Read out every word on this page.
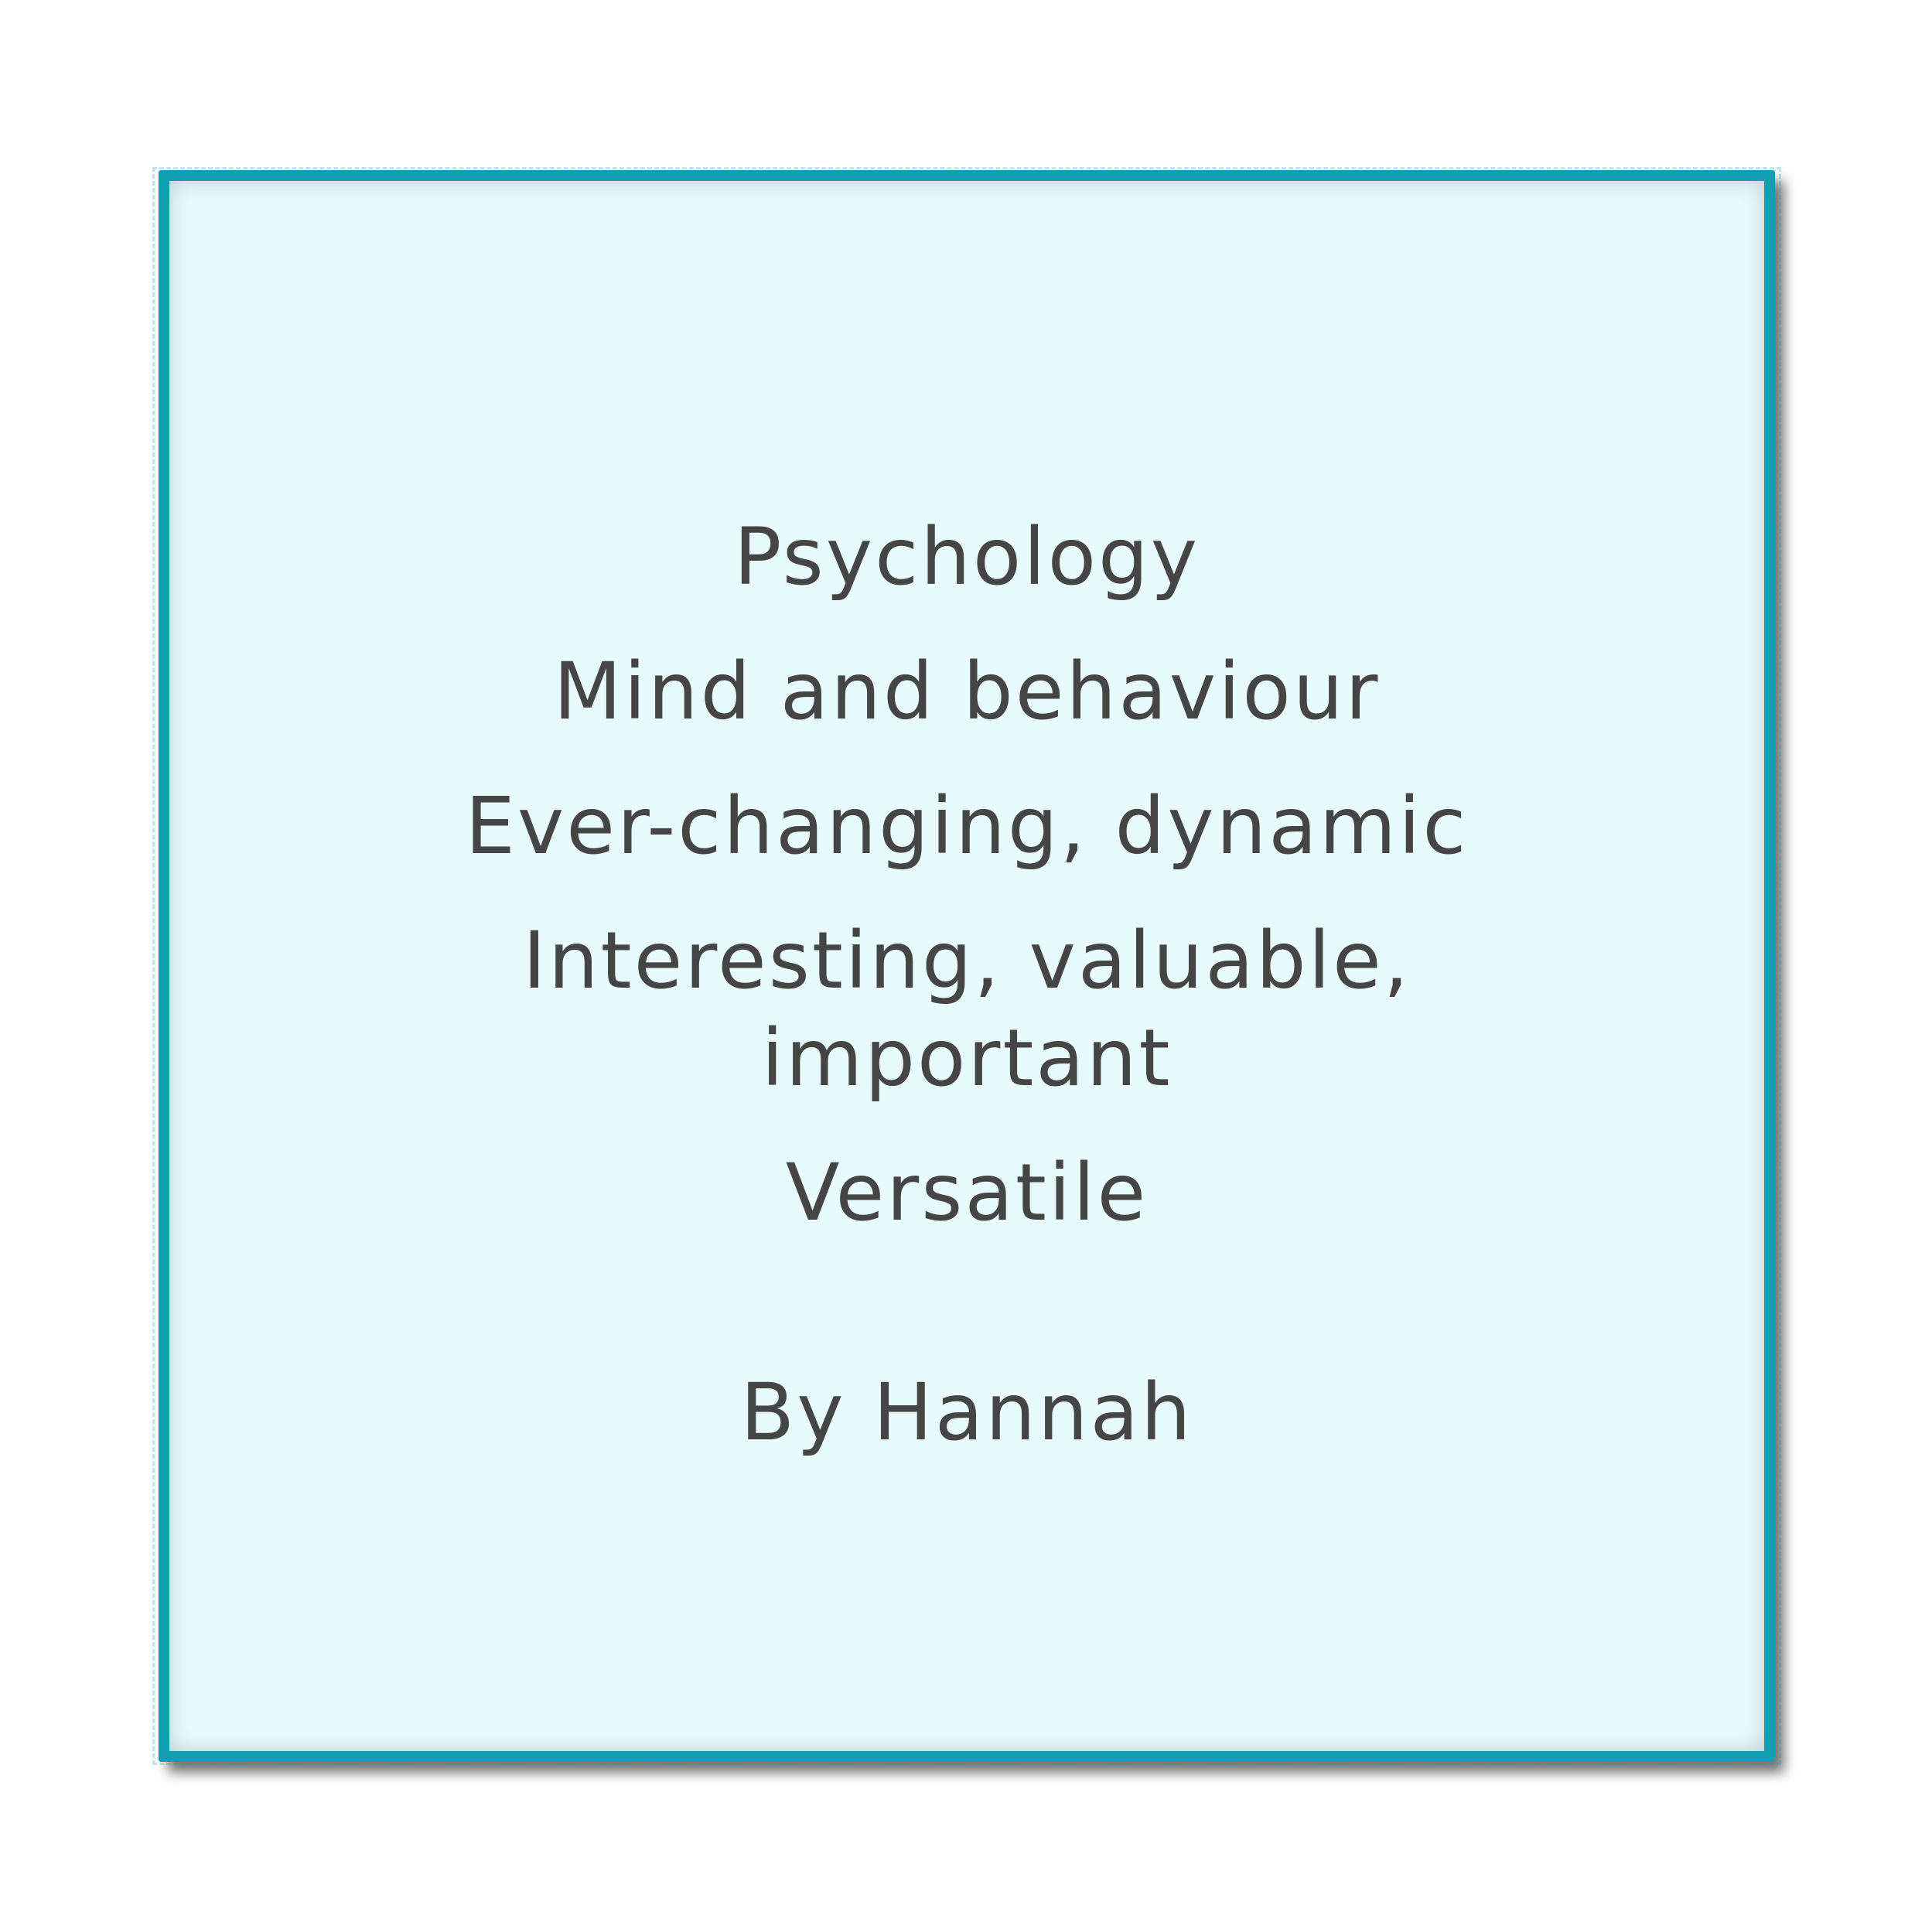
Psychology
Mind and behaviour
Ever-changing, dynamic
Interesting, valuable,
important
Versatile
By Hannah
